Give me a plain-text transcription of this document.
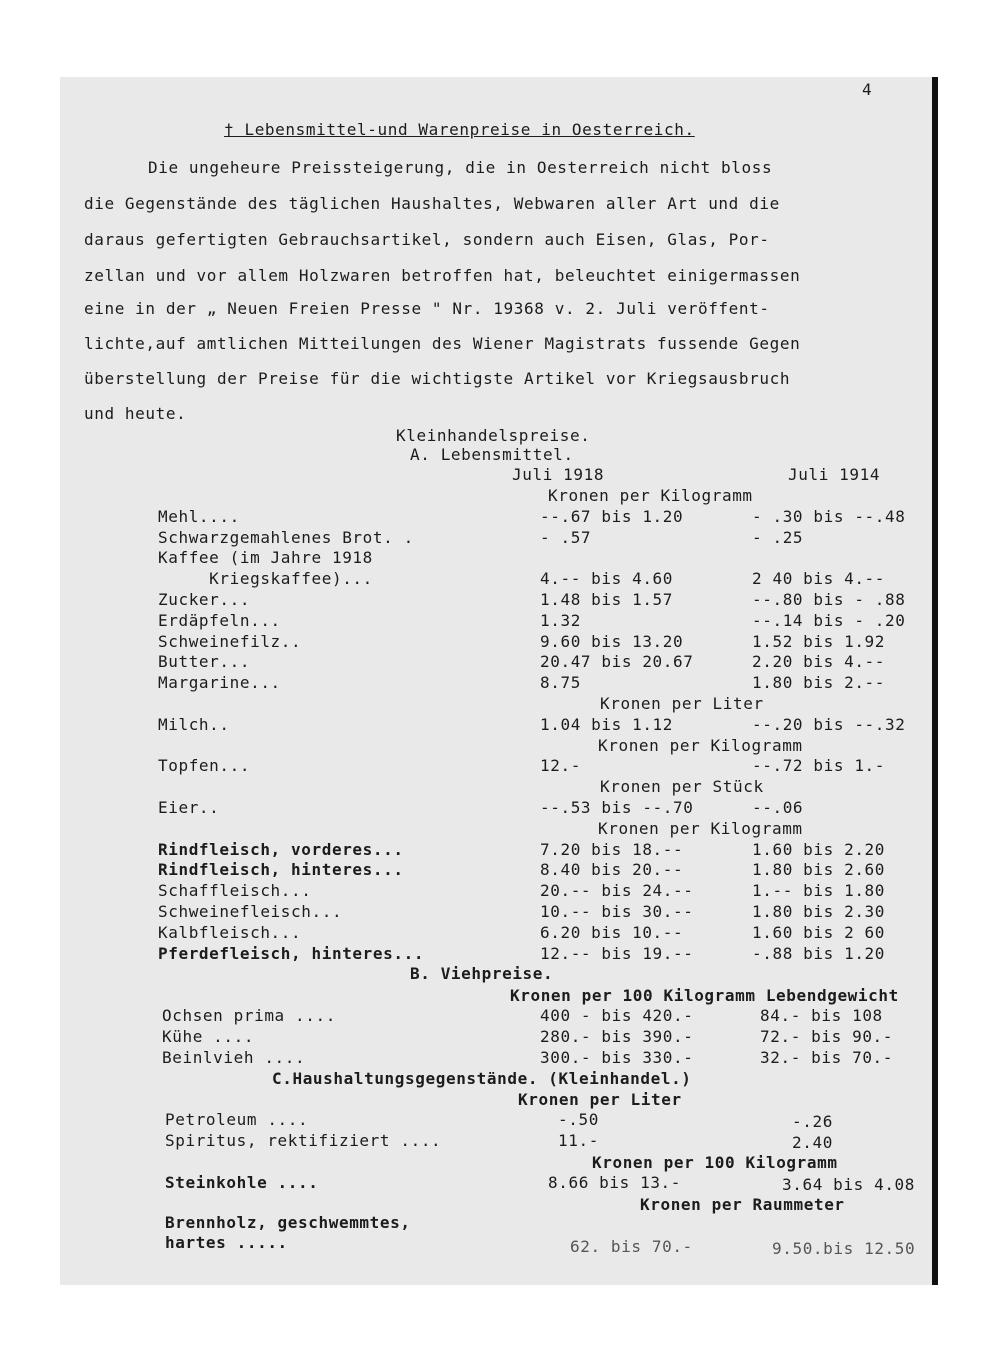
4
† Lebensmittel-und Warenpreise in Oesterreich.
Die ungeheure Preissteigerung, die in Oesterreich nicht bloss
die Gegenstände des täglichen Haushaltes, Webwaren aller Art und die
daraus gefertigten Gebrauchsartikel, sondern auch Eisen, Glas, Por-
zellan und vor allem Holzwaren betroffen hat, beleuchtet einigermassen
eine in der „ Neuen Freien Presse " Nr. 19368 v. 2. Juli veröffent-
lichte,auf amtlichen Mitteilungen des Wiener Magistrats fussende Gegen
überstellung der Preise für die wichtigste Artikel vor Kriegsausbruch
und heute.
Kleinhandelspreise.
A. Lebensmittel.
Juli 1918	Juli 1914
Kronen per Kilogramm
Mehl....	--.67 bis 1.20	- .30 bis --.48
Schwarzgemahlenes Brot. .	- .57	- .25
Kaffee (im Jahre 1918
Kriegskaffee)...	4.-- bis 4.60	2 40 bis 4.--
Zucker...	1.48 bis 1.57	--.80 bis - .88
Erdäpfeln...	1.32	--.14 bis - .20
Schweinefilz..	9.60 bis 13.20	1.52 bis 1.92
Butter...	20.47 bis 20.67	2.20 bis 4.--
Margarine...	8.75	1.80 bis 2.--
Kronen per Liter
Milch..	1.04 bis 1.12	--.20 bis --.32
Kronen per Kilogramm
Topfen...	12.-	--.72 bis 1.-
Kronen per Stück
Eier..	--.53 bis --.70	--.06
Kronen per Kilogramm
Rindfleisch, vorderes...	7.20 bis 18.--	1.60 bis 2.20
Rindfleisch, hinteres...	8.40 bis 20.--	1.80 bis 2.60
Schaffleisch...	20.-- bis 24.--	1.-- bis 1.80
Schweinefleisch...	10.-- bis 30.--	1.80 bis 2.30
Kalbfleisch...	6.20 bis 10.--	1.60 bis 2 60
Pferdefleisch, hinteres...	12.-- bis 19.--	-.88 bis 1.20
B. Viehpreise.
Kronen per 100 Kilogramm Lebendgewicht
Ochsen prima ....	400 - bis 420.-	84.- bis 108
Kühe ....	280.- bis 390.-	72.- bis 90.-
Beinlvieh ....	300.- bis 330.-	32.- bis 70.-
C.Haushaltungsgegenstände. (Kleinhandel.)
Kronen per Liter
Petroleum ....	-.50	-.26
Spiritus, rektifiziert ....	11.-	2.40
Kronen per 100 Kilogramm
Steinkohle ....	8.66 bis 13.-	3.64 bis 4.08
Kronen per Raummeter
Brennholz, geschwemmtes,
hartes .....	62. bis 70.-	9.50.bis 12.50
